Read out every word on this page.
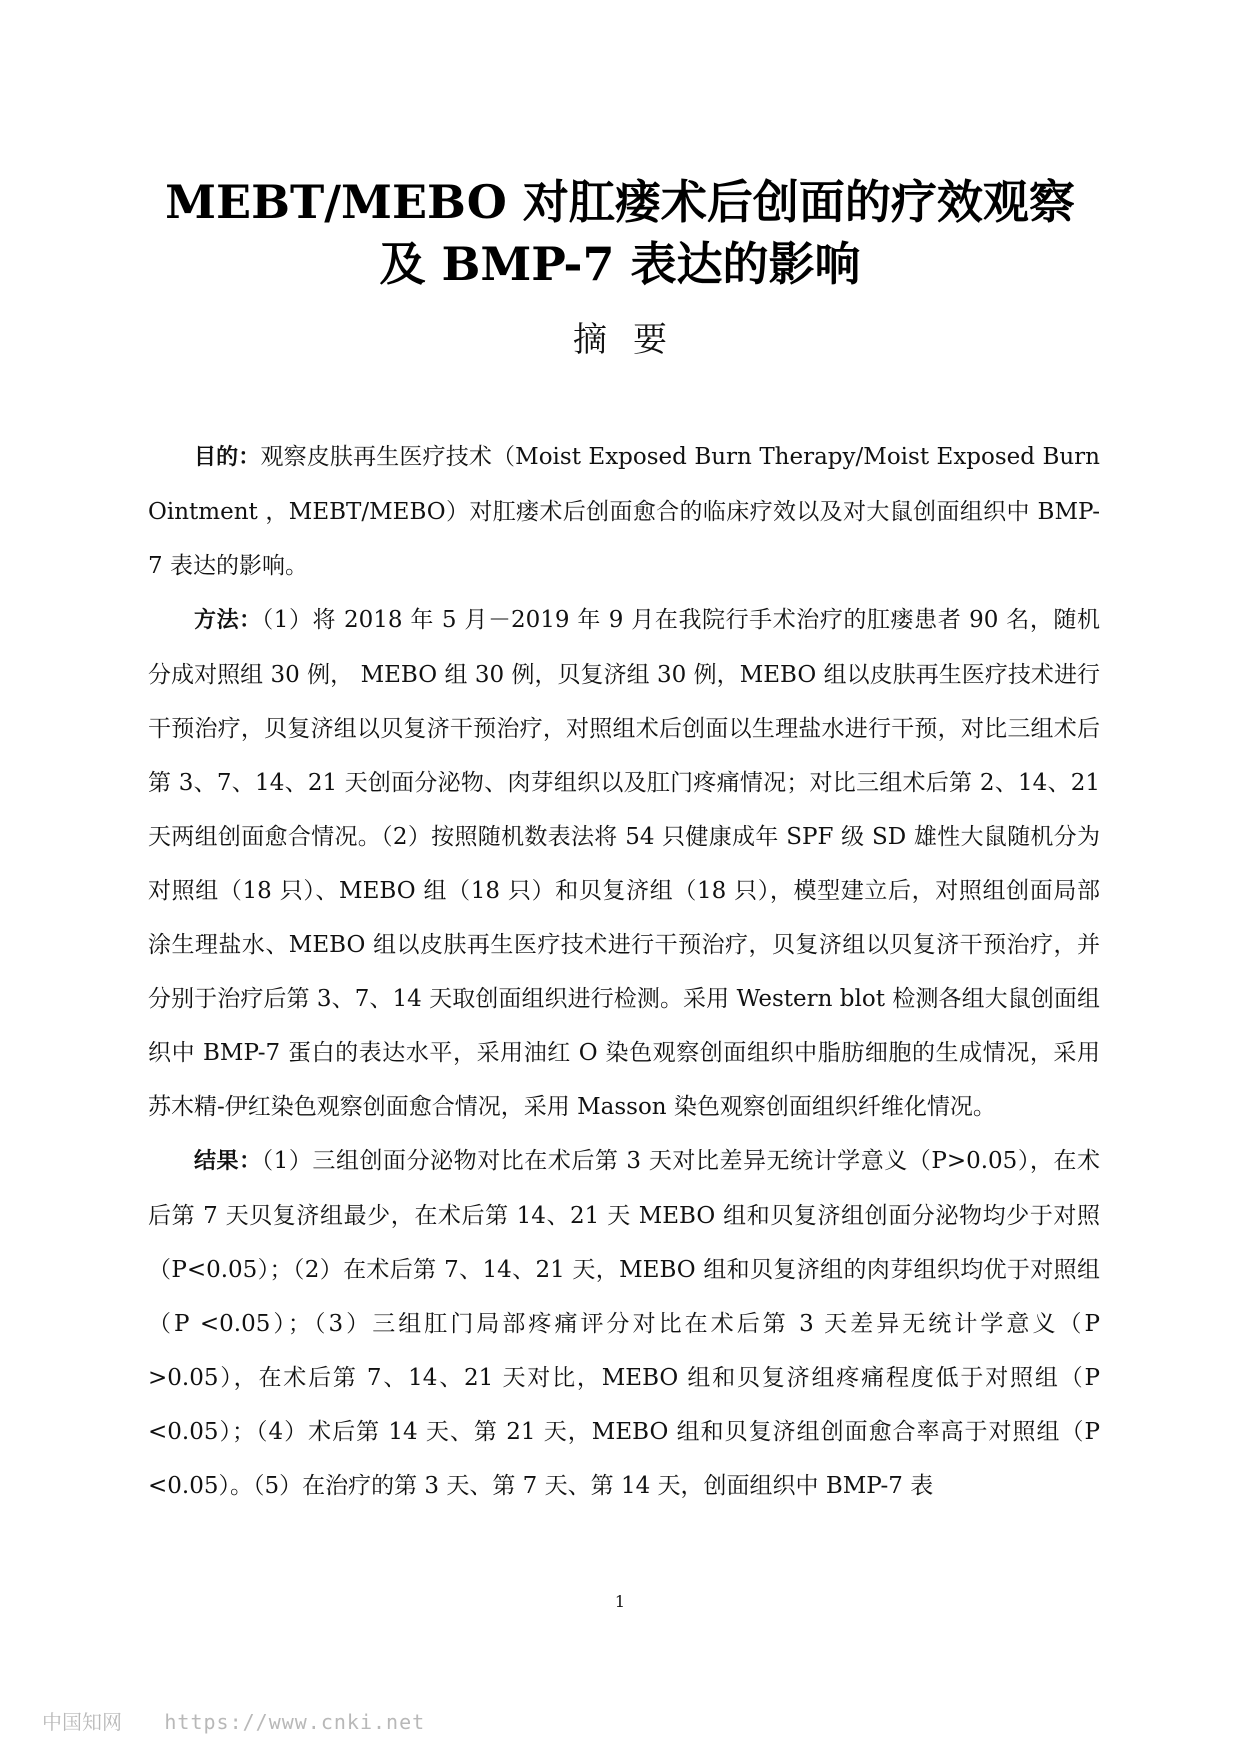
MEBT/MEBO 对肛瘘术后创面的疗效观察
及 BMP-7 表达的影响
摘要

目的：观察皮肤再生医疗技术（Moist Exposed Burn Therapy/Moist Exposed Burn Ointment ，MEBT/MEBO）对肛瘘术后创面愈合的临床疗效以及对大鼠创面组织中 BMP-7 表达的影响。

方法：（1）将 2018 年 5 月－2019 年 9 月在我院行手术治疗的肛瘘患者 90 名，随机分成对照组 30 例， MEBO 组 30 例，贝复济组 30 例，MEBO 组以皮肤再生医疗技术进行干预治疗，贝复济组以贝复济干预治疗，对照组术后创面以生理盐水进行干预，对比三组术后第 3、7、14、21 天创面分泌物、肉芽组织以及肛门疼痛情况；对比三组术后第 2、14、21 天两组创面愈合情况。（2）按照随机数表法将 54 只健康成年 SPF 级 SD 雄性大鼠随机分为对照组（18 只）、MEBO 组（18 只）和贝复济组（18 只），模型建立后，对照组创面局部涂生理盐水、MEBO 组以皮肤再生医疗技术进行干预治疗，贝复济组以贝复济干预治疗，并分别于治疗后第 3、7、14 天取创面组织进行检测。采用 Western blot 检测各组大鼠创面组织中 BMP-7 蛋白的表达水平，采用油红 O 染色观察创面组织中脂肪细胞的生成情况，采用苏木精-伊红染色观察创面愈合情况，采用 Masson 染色观察创面组织纤维化情况。

结果：（1）三组创面分泌物对比在术后第 3 天对比差异无统计学意义（P>0.05），在术后第 7 天贝复济组最少，在术后第 14、21 天 MEBO 组和贝复济组创面分泌物均少于对照（P<0.05）；（2）在术后第 7、14、21 天，MEBO 组和贝复济组的肉芽组织均优于对照组（P <0.05）；（3）三组肛门局部疼痛评分对比在术后第 3 天差异无统计学意义（P >0.05），在术后第 7、14、21 天对比，MEBO 组和贝复济组疼痛程度低于对照组（P <0.05）；（4）术后第 14 天、第 21 天，MEBO 组和贝复济组创面愈合率高于对照组（P <0.05）。（5）在治疗的第 3 天、第 7 天、第 14 天，创面组织中 BMP-7 表

1
中国知网 https://www.cnki.net
